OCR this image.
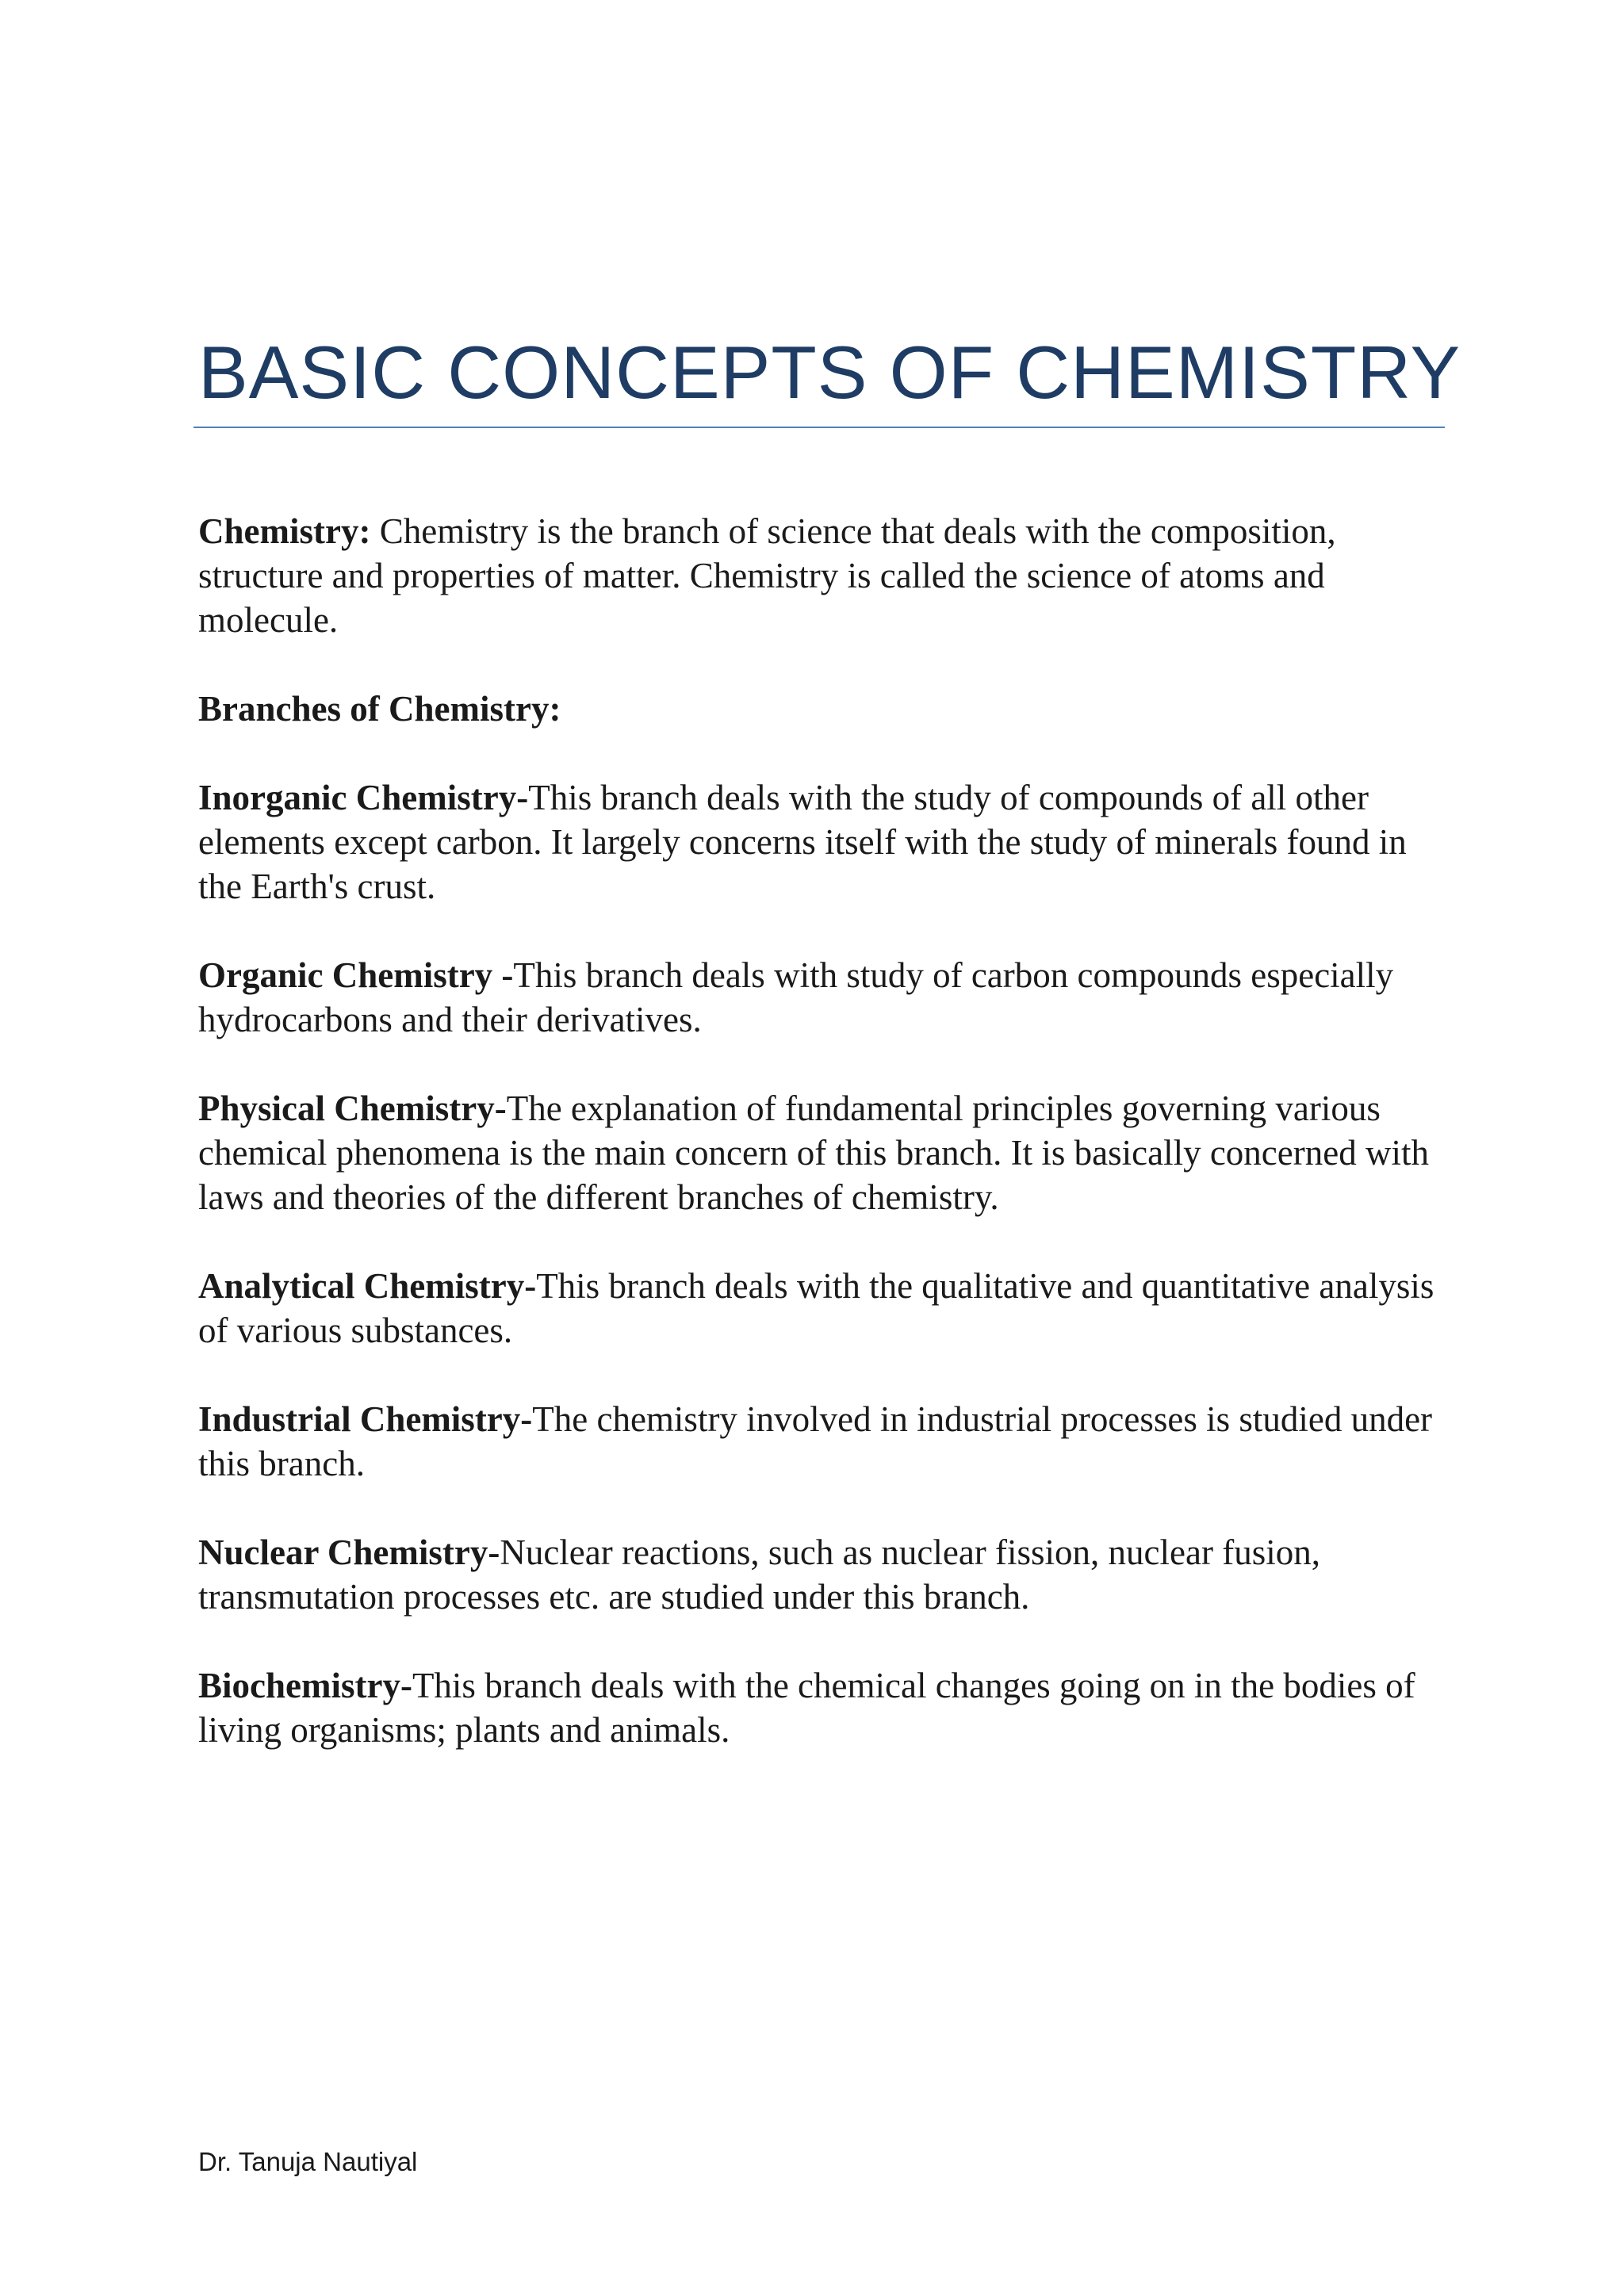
BASIC CONCEPTS OF CHEMISTRY

Chemistry: Chemistry is the branch of science that deals with the composition, structure and properties of matter. Chemistry is called the science of atoms and molecule.

Branches of Chemistry:

Inorganic Chemistry-This branch deals with the study of compounds of all other elements except carbon. It largely concerns itself with the study of minerals found in the Earth's crust.

Organic Chemistry -This branch deals with study of carbon compounds especially hydrocarbons and their derivatives.

Physical Chemistry-The explanation of fundamental principles governing various chemical phenomena is the main concern of this branch. It is basically concerned with laws and theories of the different branches of chemistry.

Analytical Chemistry-This branch deals with the qualitative and quantitative analysis of various substances.

Industrial Chemistry-The chemistry involved in industrial processes is studied under this branch.

Nuclear Chemistry-Nuclear reactions, such as nuclear fission, nuclear fusion, transmutation processes etc. are studied under this branch.

Biochemistry-This branch deals with the chemical changes going on in the bodies of living organisms; plants and animals.

Dr. Tanuja Nautiyal
